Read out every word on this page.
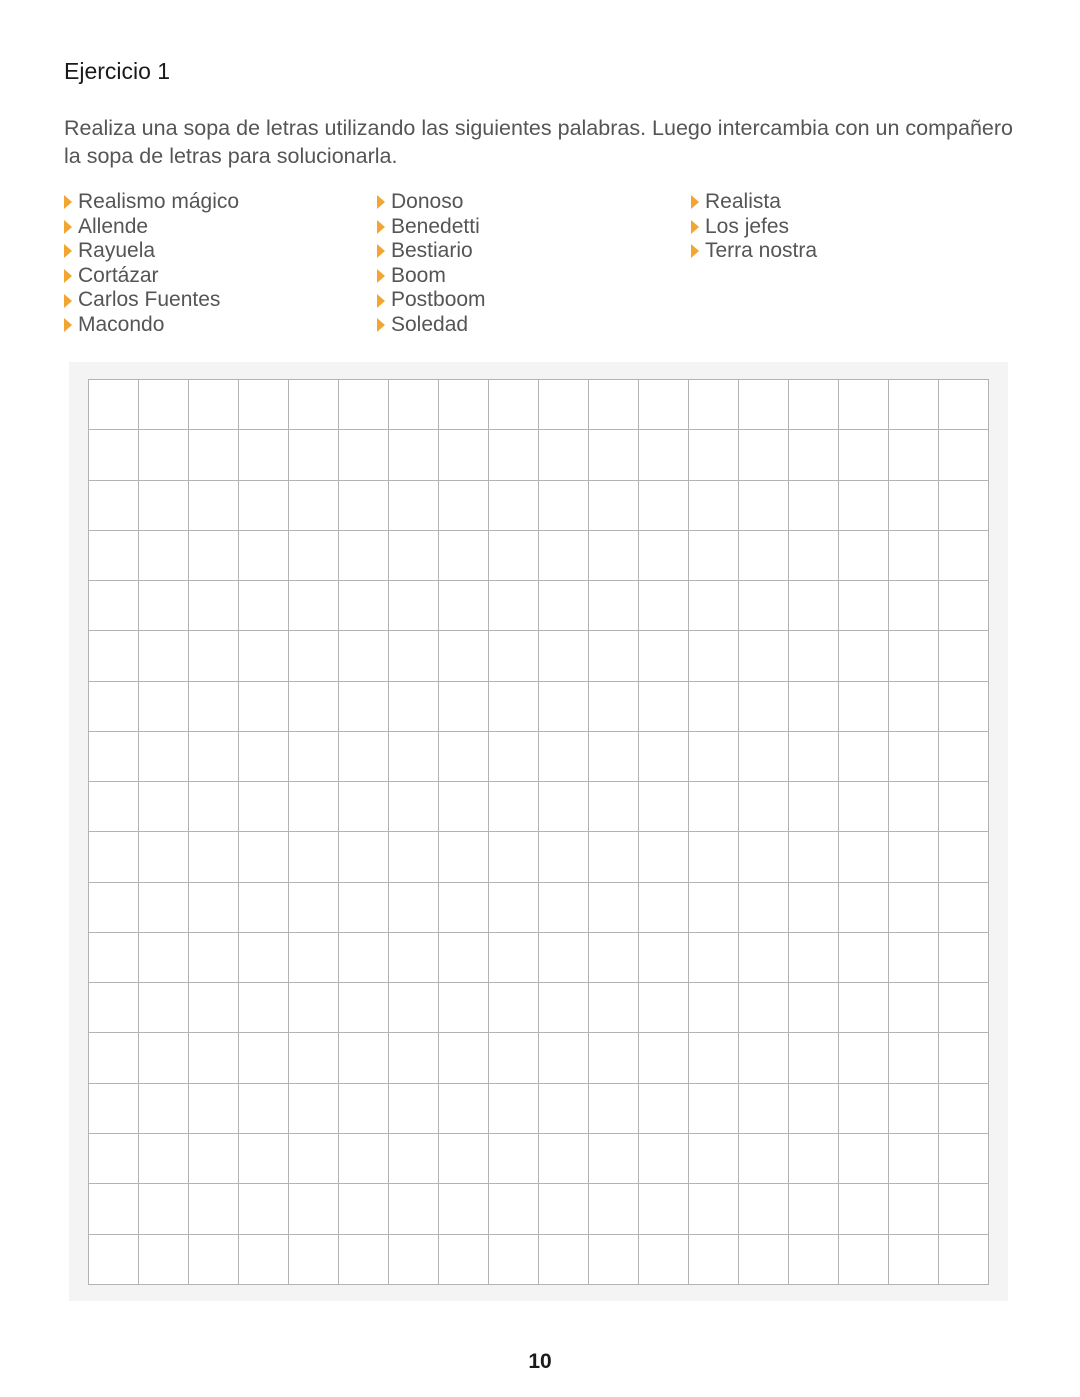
Ejercicio 1
Realiza una sopa de letras utilizando las siguientes palabras. Luego intercambia con un compañero la sopa de letras para solucionarla.
Realismo mágico
Allende
Rayuela
Cortázar
Carlos Fuentes
Macondo
Donoso
Benedetti
Bestiario
Boom
Postboom
Soledad
Realista
Los jefes
Terra nostra
10
